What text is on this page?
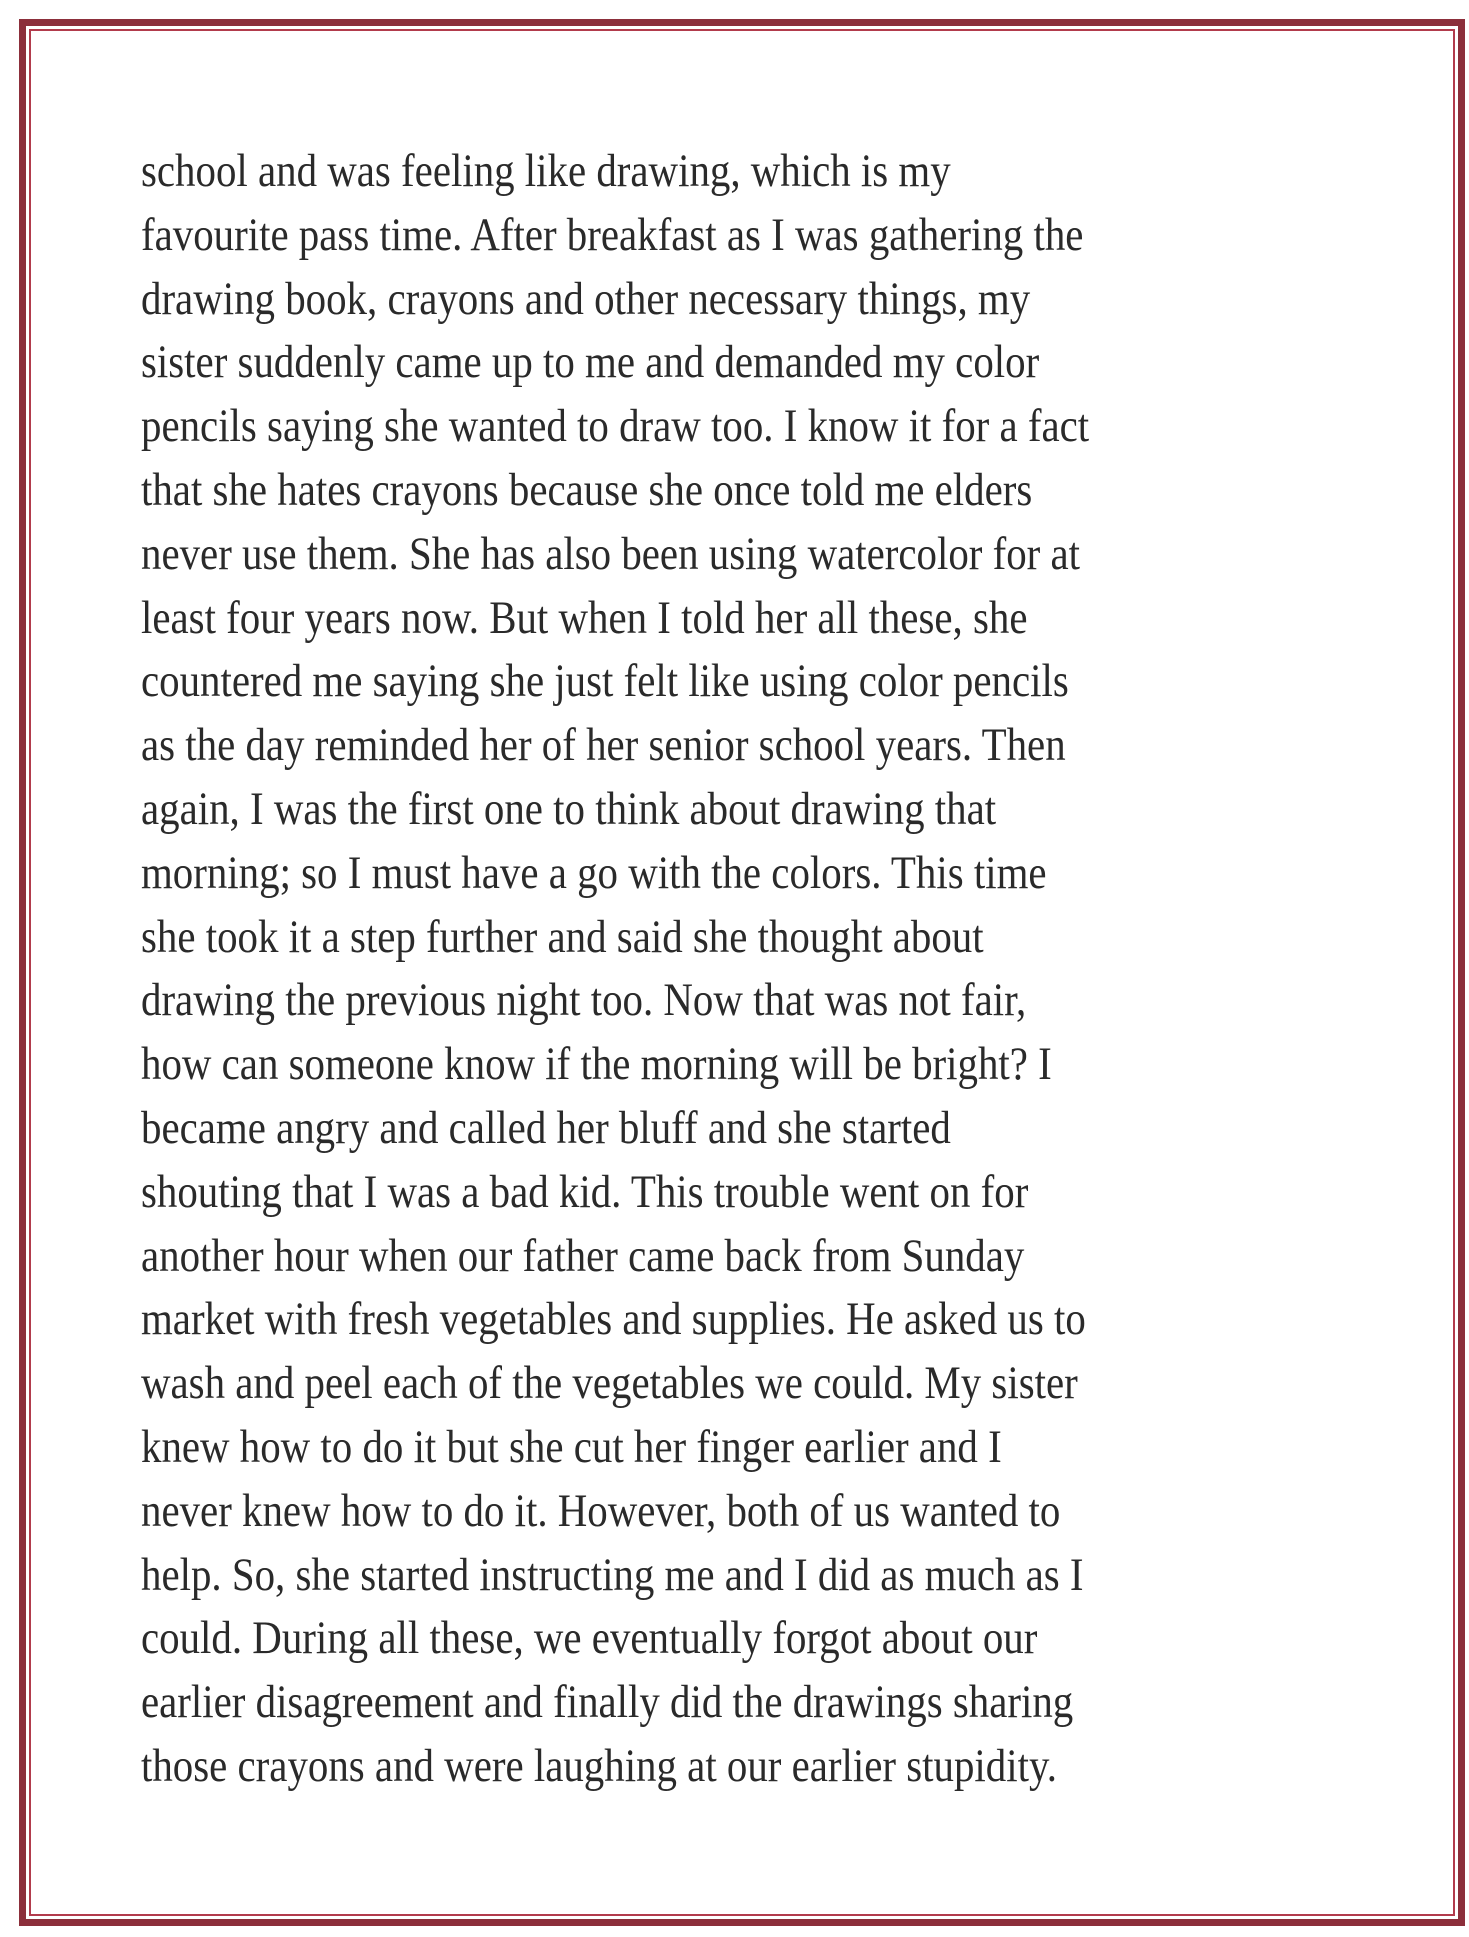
school and was feeling like drawing, which is my
favourite pass time. After breakfast as I was gathering the
drawing book, crayons and other necessary things, my
sister suddenly came up to me and demanded my color
pencils saying she wanted to draw too. I know it for a fact
that she hates crayons because she once told me elders
never use them. She has also been using watercolor for at
least four years now. But when I told her all these, she
countered me saying she just felt like using color pencils
as the day reminded her of her senior school years. Then
again, I was the first one to think about drawing that
morning; so I must have a go with the colors. This time
she took it a step further and said she thought about
drawing the previous night too. Now that was not fair,
how can someone know if the morning will be bright? I
became angry and called her bluff and she started
shouting that I was a bad kid. This trouble went on for
another hour when our father came back from Sunday
market with fresh vegetables and supplies. He asked us to
wash and peel each of the vegetables we could. My sister
knew how to do it but she cut her finger earlier and I
never knew how to do it. However, both of us wanted to
help. So, she started instructing me and I did as much as I
could. During all these, we eventually forgot about our
earlier disagreement and finally did the drawings sharing
those crayons and were laughing at our earlier stupidity.
